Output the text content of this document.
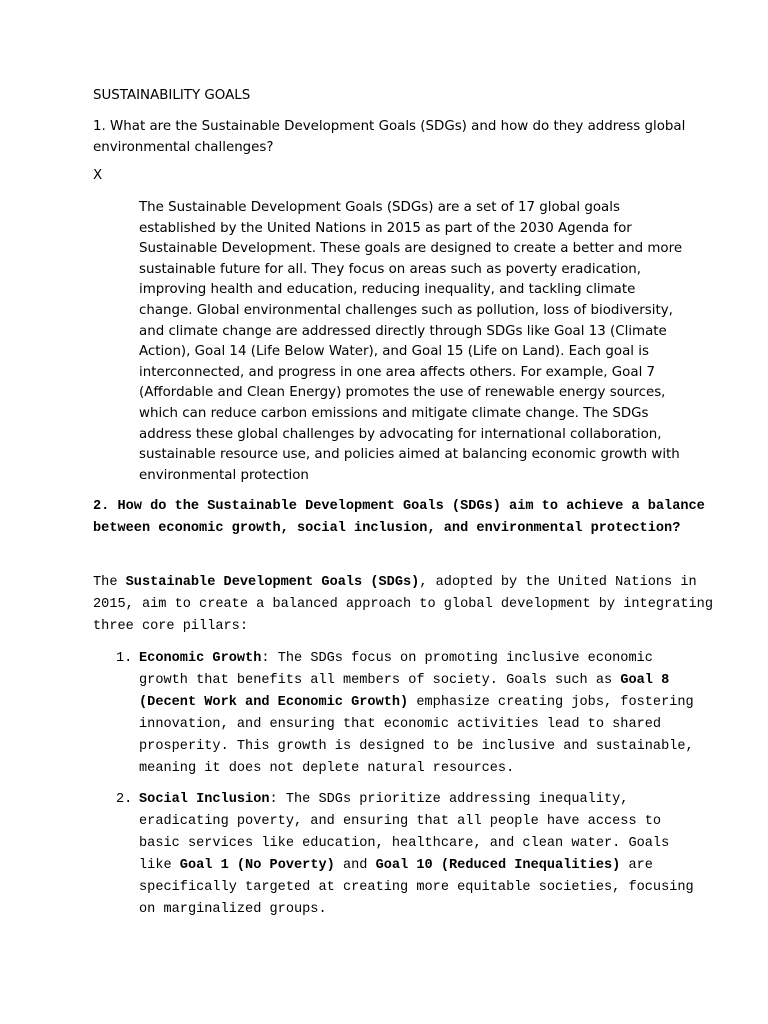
SUSTAINABILITY GOALS
1. What are the Sustainable Development Goals (SDGs) and how do they address global environmental challenges?
X
The Sustainable Development Goals (SDGs) are a set of 17 global goals established by the United Nations in 2015 as part of the 2030 Agenda for Sustainable Development. These goals are designed to create a better and more sustainable future for all. They focus on areas such as poverty eradication, improving health and education, reducing inequality, and tackling climate change. Global environmental challenges such as pollution, loss of biodiversity, and climate change are addressed directly through SDGs like Goal 13 (Climate Action), Goal 14 (Life Below Water), and Goal 15 (Life on Land). Each goal is interconnected, and progress in one area affects others. For example, Goal 7 (Affordable and Clean Energy) promotes the use of renewable energy sources, which can reduce carbon emissions and mitigate climate change. The SDGs address these global challenges by advocating for international collaboration, sustainable resource use, and policies aimed at balancing economic growth with environmental protection
2. How do the Sustainable Development Goals (SDGs) aim to achieve a balance between economic growth, social inclusion, and environmental protection?
The Sustainable Development Goals (SDGs), adopted by the United Nations in 2015, aim to create a balanced approach to global development by integrating three core pillars:
1. Economic Growth: The SDGs focus on promoting inclusive economic growth that benefits all members of society. Goals such as Goal 8 (Decent Work and Economic Growth) emphasize creating jobs, fostering innovation, and ensuring that economic activities lead to shared prosperity. This growth is designed to be inclusive and sustainable, meaning it does not deplete natural resources.
2. Social Inclusion: The SDGs prioritize addressing inequality, eradicating poverty, and ensuring that all people have access to basic services like education, healthcare, and clean water. Goals like Goal 1 (No Poverty) and Goal 10 (Reduced Inequalities) are specifically targeted at creating more equitable societies, focusing on marginalized groups.
